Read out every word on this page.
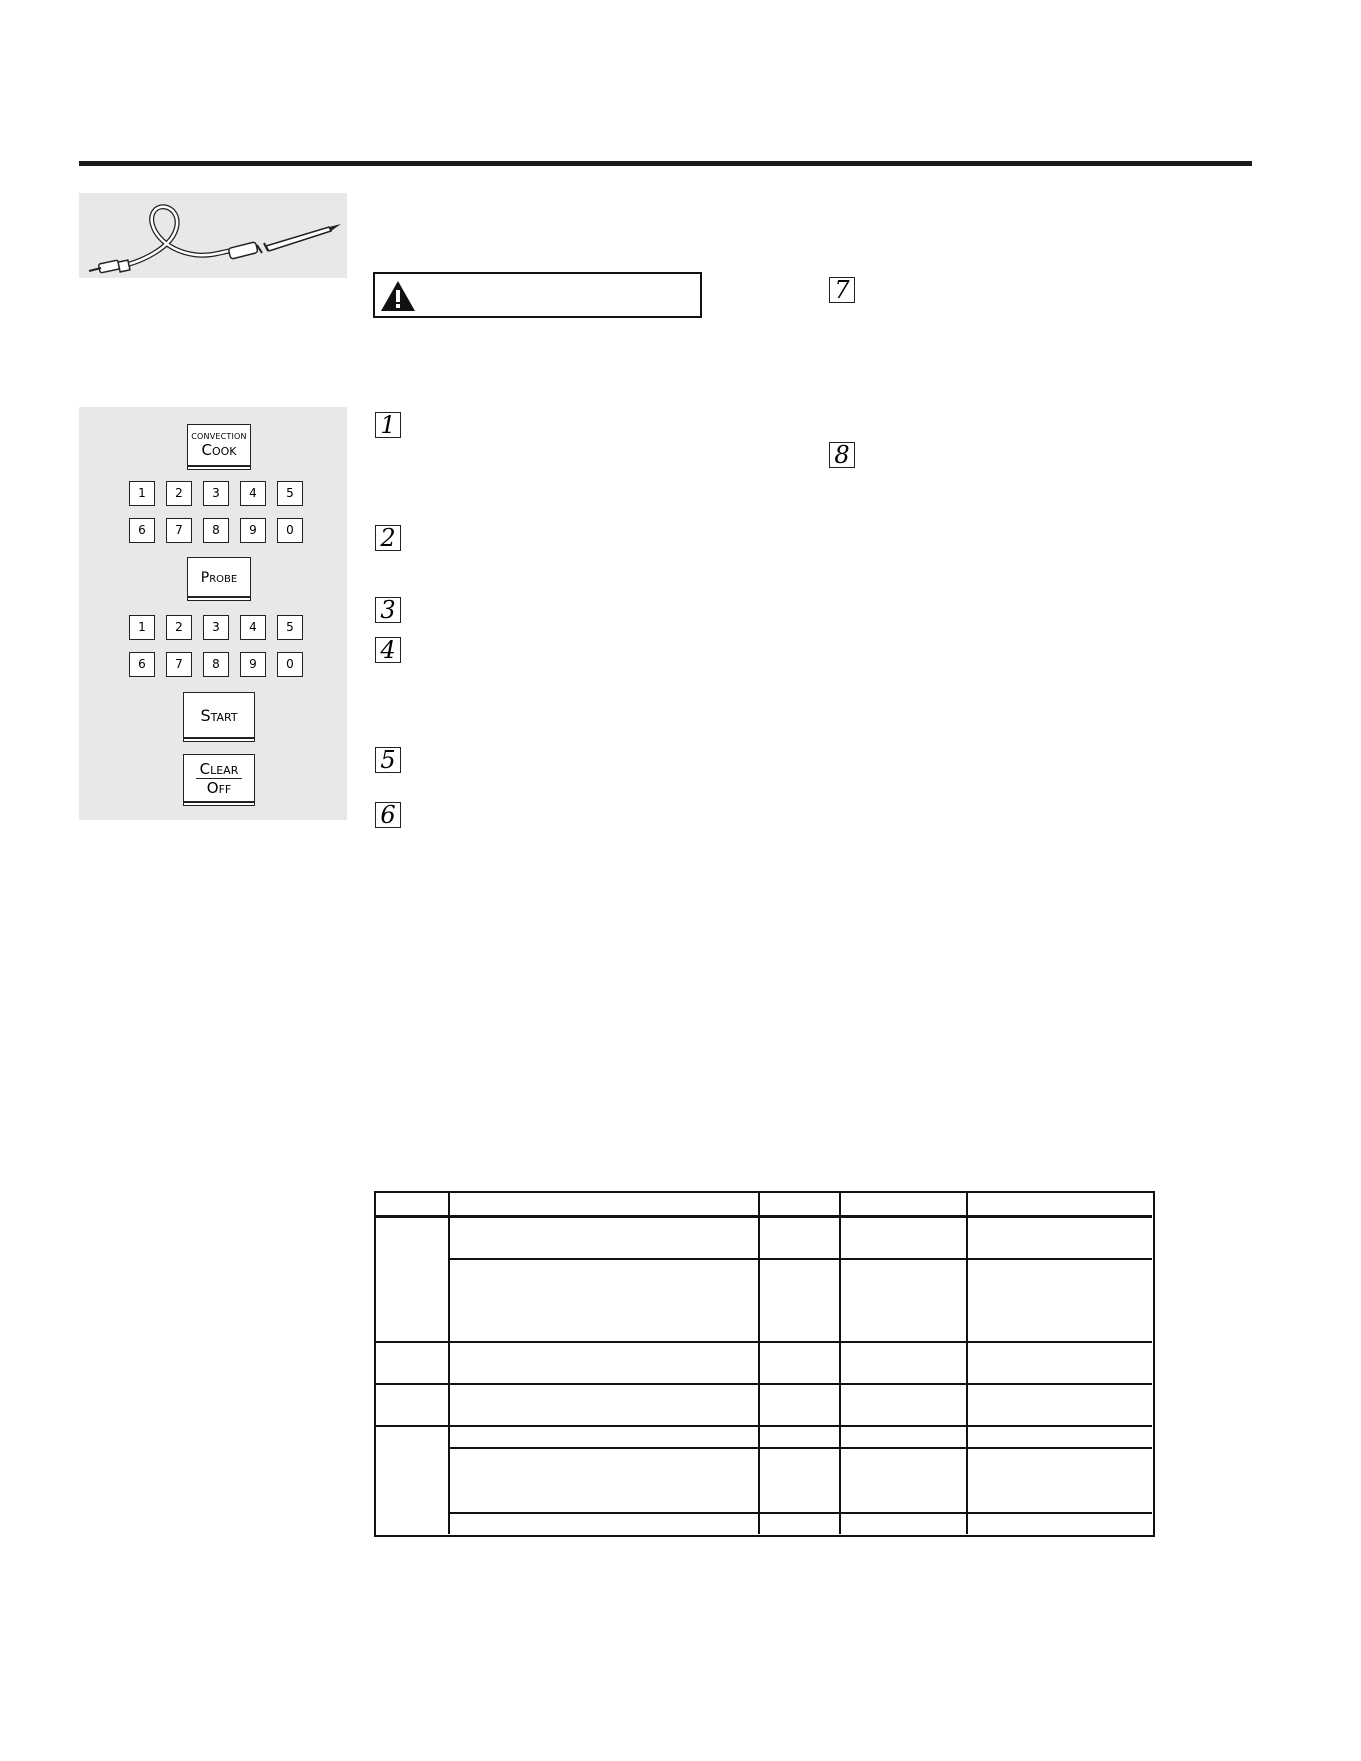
CONVECTION
Cook
1	2	3	4	5
6	7	8	9	0
Probe
1	2	3	4	5
6	7	8	9	0
Start
Clear
Off
1
2
3
4
5
6
7
8
